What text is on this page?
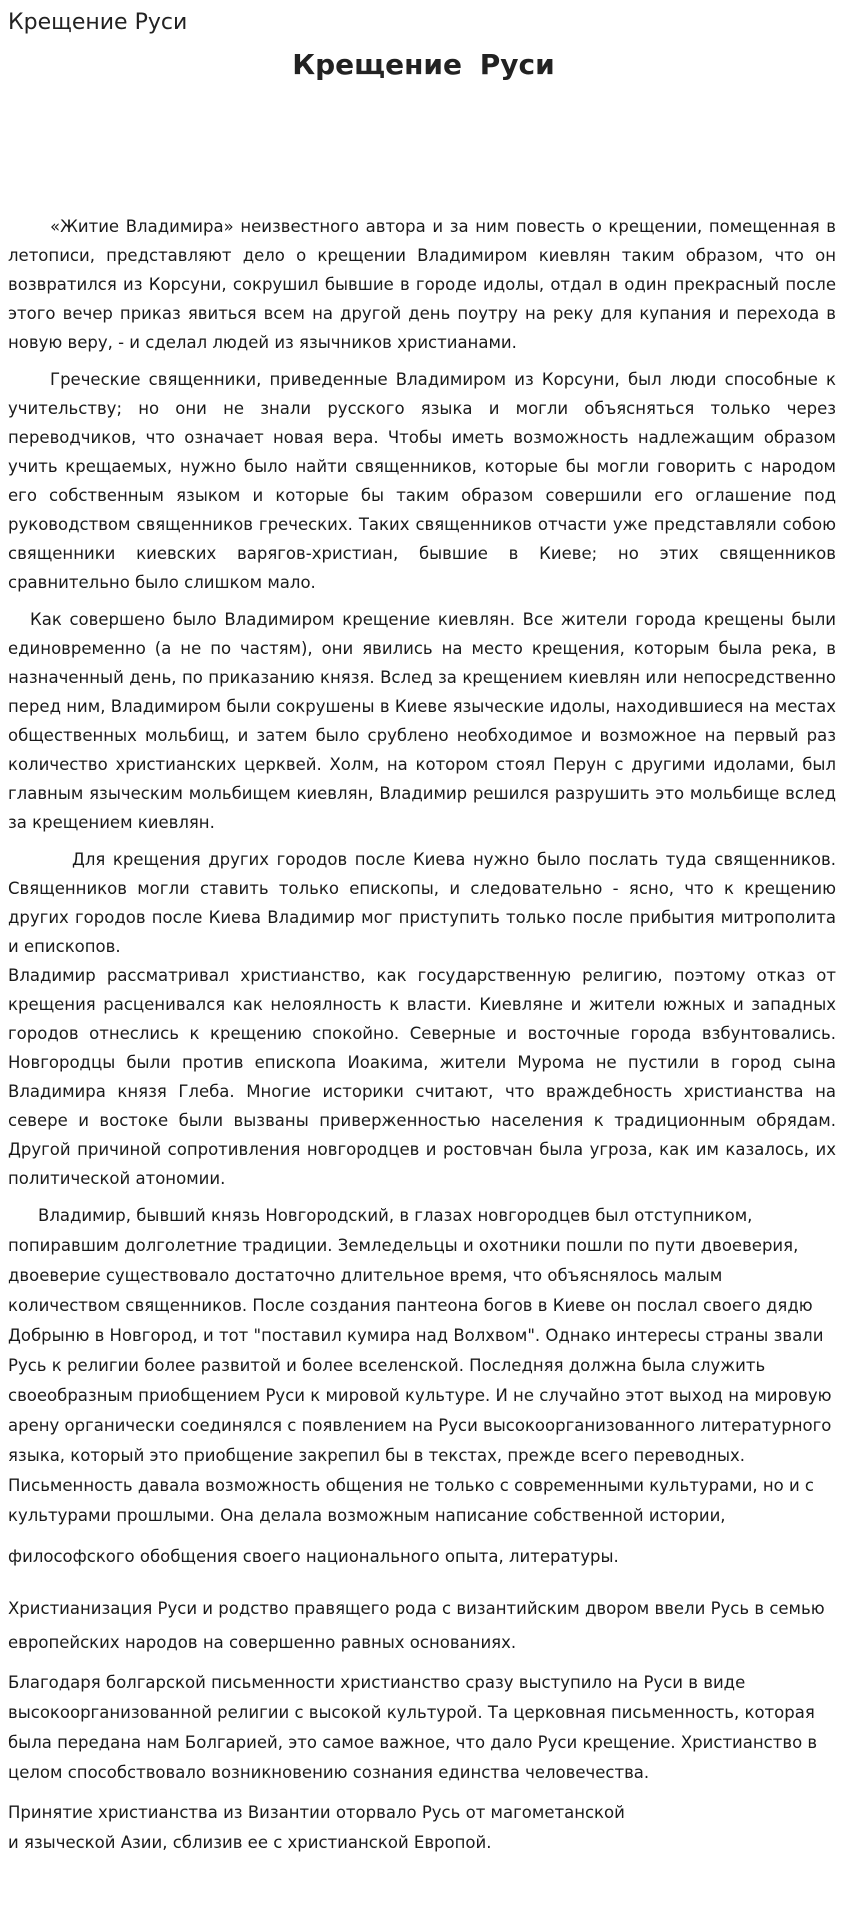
Крещение Руси
Крещение Руси

«Житие Владимира» неизвестного автора и за ним повесть о крещении, помещенная в летописи, представляют дело о крещении Владимиром киевлян таким образом, что он возвратился из Корсуни, сокрушил бывшие в городе идолы, отдал в один прекрасный после этого вечер приказ явиться всем на другой день поутру на реку для купания и перехода в новую веру, - и сделал людей из язычников христианами.

Греческие священники, приведенные Владимиром из Корсуни, был люди способные к учительству; но они не знали русского языка и могли объясняться только через переводчиков, что означает новая вера. Чтобы иметь возможность надлежащим образом учить крещаемых, нужно было найти священников, которые бы могли говорить с народом его собственным языком и которые бы таким образом совершили его оглашение под руководством священников греческих. Таких священников отчасти уже представляли собою священники киевских варягов-христиан, бывшие в Киеве; но этих священников сравнительно было слишком мало.

Как совершено было Владимиром крещение киевлян. Все жители города крещены были единовременно (а не по частям), они явились на место крещения, которым была река, в назначенный день, по приказанию князя. Вслед за крещением киевлян или непосредственно перед ним, Владимиром были сокрушены в Киеве языческие идолы, находившиеся на местах общественных мольбищ, и затем было срублено необходимое и возможное на первый раз количество христианских церквей. Холм, на котором стоял Перун с другими идолами, был главным языческим мольбищем киевлян, Владимир решился разрушить это мольбище вслед за крещением киевлян.

Для крещения других городов после Киева нужно было послать туда священников. Священников могли ставить только епископы, и следовательно - ясно, что к крещению других городов после Киева Владимир мог приступить только после прибытия митрополита и епископов.

Владимир рассматривал христианство, как государственную религию, поэтому отказ от крещения расценивался как нелоялность к власти. Киевляне и жители южных и западных городов отнеслись к крещению спокойно. Северные и восточные города взбунтовались. Новгородцы были против епископа Иоакима, жители Мурома не пустили в город сына Владимира князя Глеба. Многие историки считают, что враждебность христианства на севере и востоке были вызваны приверженностью населения к традиционным обрядам. Другой причиной сопротивления новгородцев и ростовчан была угроза, как им казалось, их политической атономии.

Владимир, бывший князь Новгородский, в глазах новгородцев был отступником, попиравшим долголетние традиции. Земледельцы и охотники пошли по пути двоеверия, двоеверие существовало достаточно длительное время, что объяснялось малым количеством священников. После создания пантеона богов в Киеве он послал своего дядю Добрыню в Новгород, и тот "поставил кумира над Волхвом". Однако интересы страны звали Русь к религии более развитой и более вселенской. Последняя должна была служить своеобразным приобщением Руси к мировой культуре. И не случайно этот выход на мировую арену органически соединялся с появлением на Руси высокоорганизованного литературного языка, который это приобщение закрепил бы в текстах, прежде всего переводных. Письменность давала возможность общения не только с современными культурами, но и с культурами прошлыми. Она делала возможным написание собственной истории,

философского обобщения своего национального опыта, литературы.

Христианизация Руси и родство правящего рода с византийским двором ввели Русь в семью европейских народов на совершенно равных основаниях.

Благодаря болгарской письменности христианство сразу выступило на Руси в виде высокоорганизованной религии с высокой культурой. Та церковная письменность, которая была передана нам Болгарией, это самое важное, что дало Руси крещение. Христианство в целом способствовало возникновению сознания единства человечества.

Принятие христианства из Византии оторвало Русь от магометанской
и языческой Азии, сблизив ее с христианской Европой.
